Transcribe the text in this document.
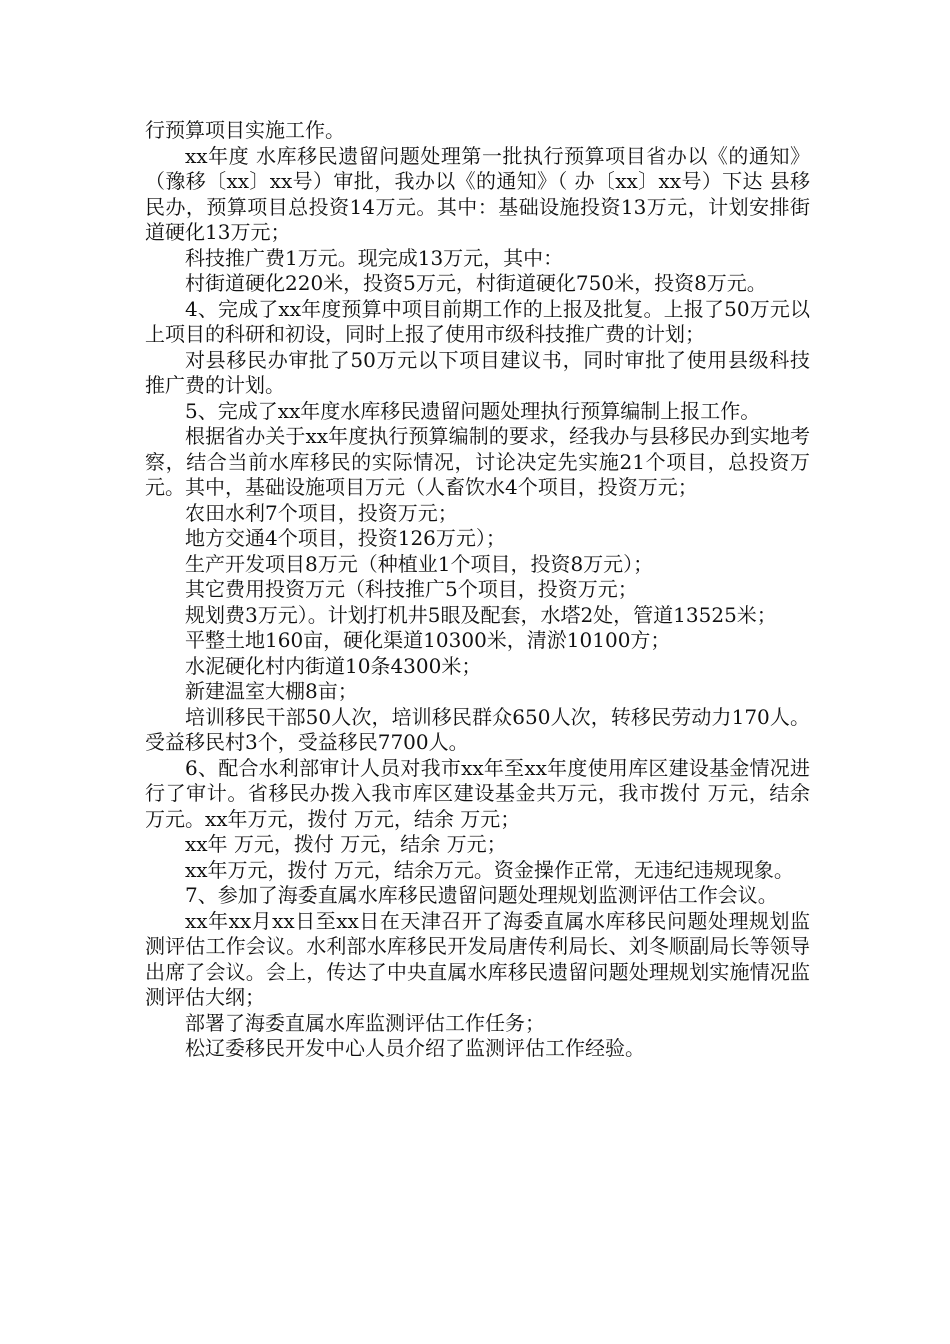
行预算项目实施工作。

xx年度 水库移民遗留问题处理第一批执行预算项目省办以《的通知》（豫移〔xx〕xx号）审批，我办以《的通知》（ 办〔xx〕xx号）下达 县移民办，预算项目总投资14万元。其中：基础设施投资13万元，计划安排街道硬化13万元；

科技推广费1万元。现完成13万元，其中：

村街道硬化220米，投资5万元，村街道硬化750米，投资8万元。

4、完成了xx年度预算中项目前期工作的上报及批复。上报了50万元以上项目的科研和初设，同时上报了使用市级科技推广费的计划；

对县移民办审批了50万元以下项目建议书，同时审批了使用县级科技推广费的计划。

5、完成了xx年度水库移民遗留问题处理执行预算编制上报工作。

根据省办关于xx年度执行预算编制的要求，经我办与县移民办到实地考察，结合当前水库移民的实际情况，讨论决定先实施21个项目，总投资万元。其中，基础设施项目万元（人畜饮水4个项目，投资万元；

农田水利7个项目，投资万元；

地方交通4个项目，投资126万元）；

生产开发项目8万元（种植业1个项目，投资8万元）；

其它费用投资万元（科技推广5个项目，投资万元；

规划费3万元）。计划打机井5眼及配套，水塔2处，管道13525米；

平整土地160亩，硬化渠道10300米，清淤10100方；

水泥硬化村内街道10条4300米；

新建温室大棚8亩；

培训移民干部50人次，培训移民群众650人次，转移民劳动力170人。受益移民村3个，受益移民7700人。

6、配合水利部审计人员对我市xx年至xx年度使用库区建设基金情况进行了审计。省移民办拨入我市库区建设基金共万元，我市拨付 万元，结余 万元。xx年万元，拨付 万元，结余 万元；

xx年 万元，拨付 万元，结余 万元；

xx年万元，拨付 万元，结余万元。资金操作正常，无违纪违规现象。

7、参加了海委直属水库移民遗留问题处理规划监测评估工作会议。

xx年xx月xx日至xx日在天津召开了海委直属水库移民问题处理规划监测评估工作会议。水利部水库移民开发局唐传利局长、刘冬顺副局长等领导出席了会议。会上，传达了中央直属水库移民遗留问题处理规划实施情况监测评估大纲；

部署了海委直属水库监测评估工作任务；

松辽委移民开发中心人员介绍了监测评估工作经验。
